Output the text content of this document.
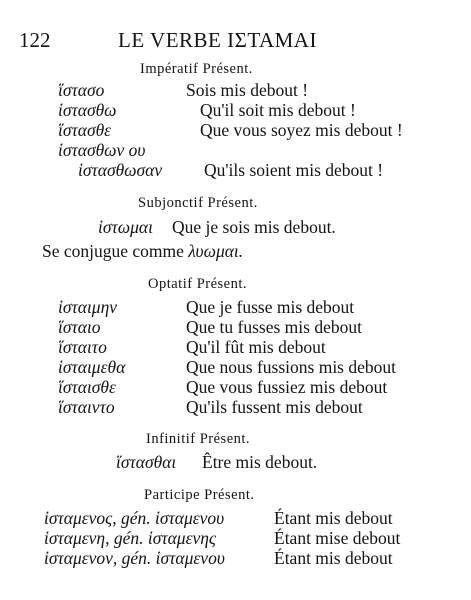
122	LE VERBE ΙΣΤΑΜΑΙ
Impératif Présent.
ἵστασο	Sois mis debout !
ἱστασθω	Qu'il soit mis debout !
ἵστασθε	Que vous soyez mis debout !
ἱστασθων ου
ἱστασθωσαν Qu'ils soient mis debout !
Subjonctif Présent.
ἱστωμαι Que je sois mis debout.
Se conjugue comme λυωμαι.
Optatif Présent.
ἱσταιμην	Que je fusse mis debout
ἵσταιο	Que tu fusses mis debout
ἵσταιτο	Qu'il fût mis debout
ἱσταιμεθα	Que nous fussions mis debout
ἵσταισθε	Que vous fussiez mis debout
ἵσταιντο	Qu'ils fussent mis debout
Infinitif Présent.
ἵστασθαι Être mis debout.
Participe Présent.
ἱσταμενος, gén. ἱσταμενου	Étant mis debout
ἱσταμενη, gén. ἱσταμενης	Étant mise debout
ἱσταμενον, gén. ἱσταμενου	Étant mis debout
